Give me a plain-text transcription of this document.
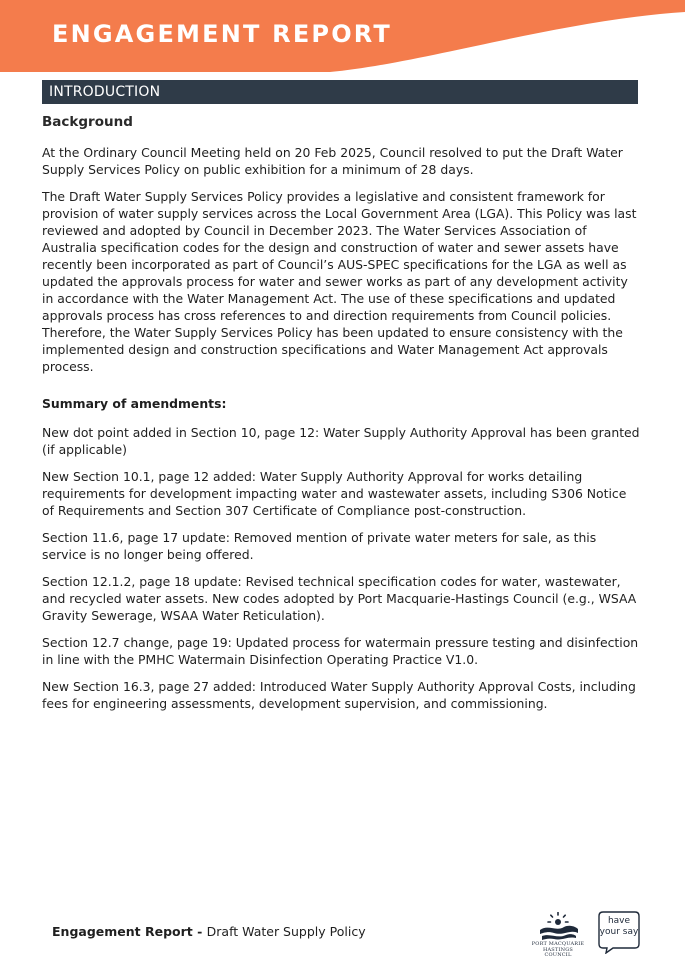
ENGAGEMENT REPORT
INTRODUCTION
Background

At the Ordinary Council Meeting held on 20 Feb 2025, Council resolved to put the Draft Water Supply Services Policy on public exhibition for a minimum of 28 days.

The Draft Water Supply Services Policy provides a legislative and consistent framework for provision of water supply services across the Local Government Area (LGA). This Policy was last reviewed and adopted by Council in December 2023. The Water Services Association of Australia specification codes for the design and construction of water and sewer assets have recently been incorporated as part of Council’s AUS-SPEC specifications for the LGA as well as updated the approvals process for water and sewer works as part of any development activity in accordance with the Water Management Act. The use of these specifications and updated approvals process has cross references to and direction requirements from Council policies. Therefore, the Water Supply Services Policy has been updated to ensure consistency with the implemented design and construction specifications and Water Management Act approvals process.

Summary of amendments:

New dot point added in Section 10, page 12: Water Supply Authority Approval has been granted (if applicable)

New Section 10.1, page 12 added: Water Supply Authority Approval for works detailing requirements for development impacting water and wastewater assets, including S306 Notice of Requirements and Section 307 Certificate of Compliance post-construction.

Section 11.6, page 17 update: Removed mention of private water meters for sale, as this service is no longer being offered.

Section 12.1.2, page 18 update: Revised technical specification codes for water, wastewater, and recycled water assets. New codes adopted by Port Macquarie-Hastings Council (e.g., WSAA Gravity Sewerage, WSAA Water Reticulation).

Section 12.7 change, page 19: Updated process for watermain pressure testing and disinfection in line with the PMHC Watermain Disinfection Operating Practice V1.0.

New Section 16.3, page 27 added: Introduced Water Supply Authority Approval Costs, including fees for engineering assessments, development supervision, and commissioning.

Engagement Report - Draft Water Supply Policy
PORT MACQUARIE
HASTINGS COUNCIL
have
your say
